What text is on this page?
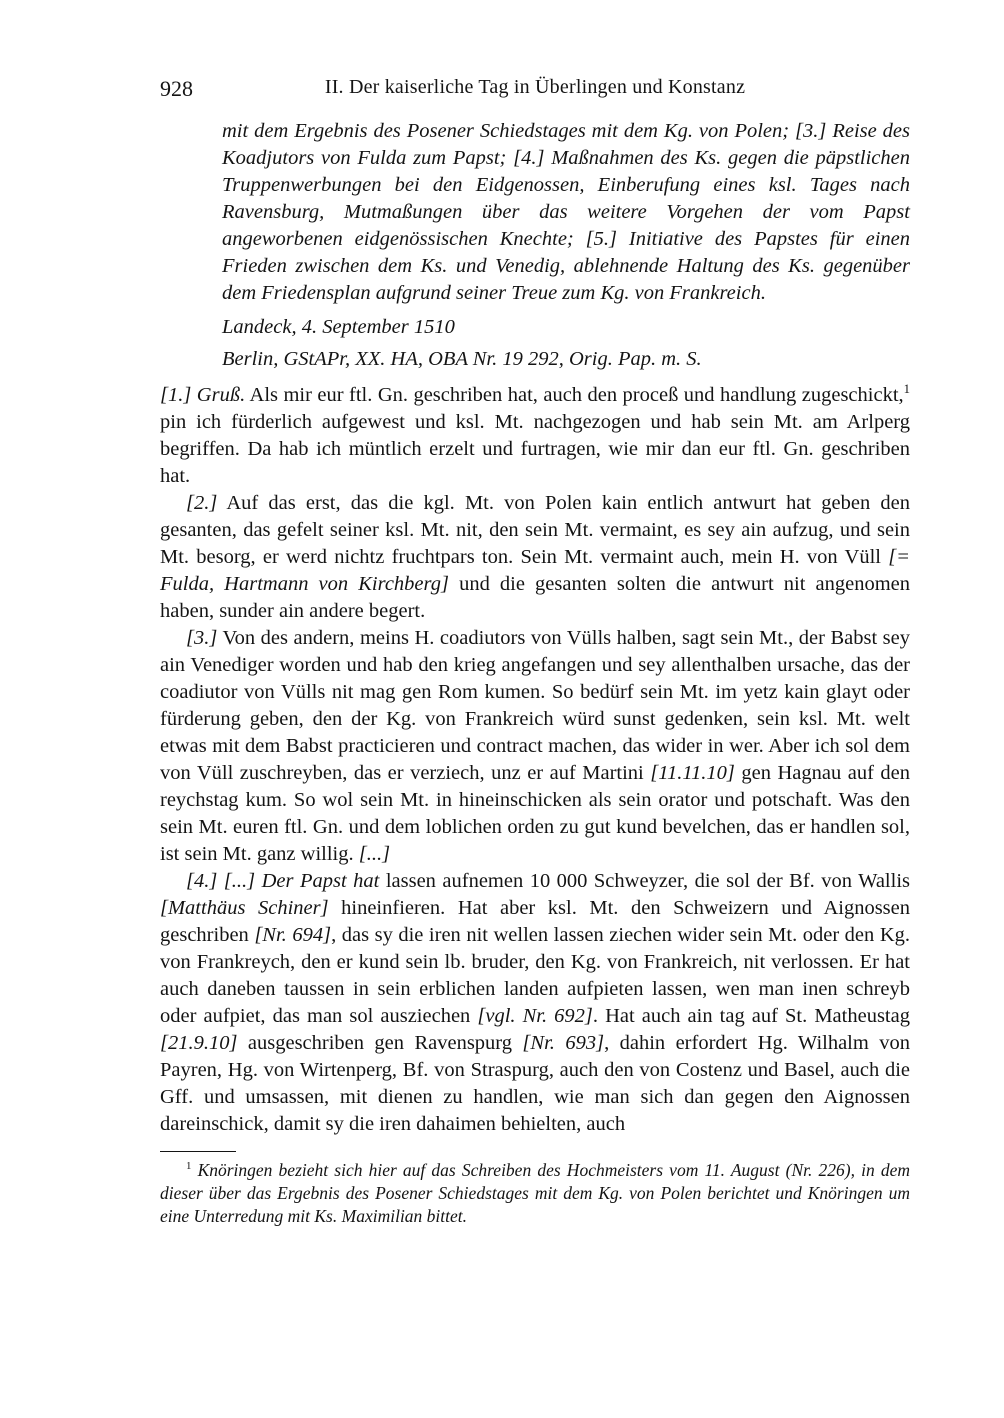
928	II. Der kaiserliche Tag in Überlingen und Konstanz

mit dem Ergebnis des Posener Schiedstages mit dem Kg. von Polen; [3.] Reise des Koadjutors von Fulda zum Papst; [4.] Maßnahmen des Ks. gegen die päpstlichen Truppenwerbungen bei den Eidgenossen, Einberufung eines ksl. Tages nach Ravensburg, Mutmaßungen über das weitere Vorgehen der vom Papst angeworbenen eidgenössischen Knechte; [5.] Initiative des Papstes für einen Frieden zwischen dem Ks. und Venedig, ablehnende Haltung des Ks. gegenüber dem Friedensplan aufgrund seiner Treue zum Kg. von Frankreich.

Landeck, 4. September 1510

Berlin, GStAPr, XX. HA, OBA Nr. 19 292, Orig. Pap. m. S.

[1.] Gruß. Als mir eur ftl. Gn. geschriben hat, auch den proceß und handlung zugeschickt,$^1$ pin ich fürderlich aufgewest und ksl. Mt. nachgezogen und hab sein Mt. am Arlperg begriffen. Da hab ich müntlich erzelt und furtragen, wie mir dan eur ftl. Gn. geschriben hat.

[2.] Auf das erst, das die kgl. Mt. von Polen kain entlich antwurt hat geben den gesanten, das gefelt seiner ksl. Mt. nit, den sein Mt. vermaint, es sey ain aufzug, und sein Mt. besorg, er werd nichtz fruchtpars ton. Sein Mt. vermaint auch, mein H. von Vüll [= Fulda, Hartmann von Kirchberg] und die gesanten solten die antwurt nit angenomen haben, sunder ain andere begert.

[3.] Von des andern, meins H. coadiutors von Vülls halben, sagt sein Mt., der Babst sey ain Venediger worden und hab den krieg angefangen und sey allenthalben ursache, das der coadiutor von Vülls nit mag gen Rom kumen. So bedürf sein Mt. im yetz kain glayt oder fürderung geben, den der Kg. von Frankreich würd sunst gedenken, sein ksl. Mt. welt etwas mit dem Babst practicieren und contract machen, das wider in wer. Aber ich sol dem von Vüll zuschreyben, das er verziech, unz er auf Martini [11.11.10] gen Hagnau auf den reychstag kum. So wol sein Mt. in hineinschicken als sein orator und potschaft. Was den sein Mt. euren ftl. Gn. und dem loblichen orden zu gut kund bevelchen, das er handlen sol, ist sein Mt. ganz willig. [...]

[4.] [...] Der Papst hat lassen aufnemen 10 000 Schweyzer, die sol der Bf. von Wallis [Matthäus Schiner] hineinfieren. Hat aber ksl. Mt. den Schweizern und Aignossen geschriben [Nr. 694], das sy die iren nit wellen lassen ziechen wider sein Mt. oder den Kg. von Frankreych, den er kund sein lb. bruder, den Kg. von Frankreich, nit verlossen. Er hat auch daneben taussen in sein erblichen landen aufpieten lassen, wen man inen schreyb oder aufpiet, das man sol ausziechen [vgl. Nr. 692]. Hat auch ain tag auf St. Matheustag [21.9.10] ausgeschriben gen Ravenspurg [Nr. 693], dahin erfordert Hg. Wilhalm von Payren, Hg. von Wirtenperg, Bf. von Straspurg, auch den von Costenz und Basel, auch die Gff. und umsassen, mit dienen zu handlen, wie man sich dan gegen den Aignossen dareinschick, damit sy die iren dahaimen behielten, auch

$^1$ Knöringen bezieht sich hier auf das Schreiben des Hochmeisters vom 11. August (Nr. 226), in dem dieser über das Ergebnis des Posener Schiedstages mit dem Kg. von Polen berichtet und Knöringen um eine Unterredung mit Ks. Maximilian bittet.
